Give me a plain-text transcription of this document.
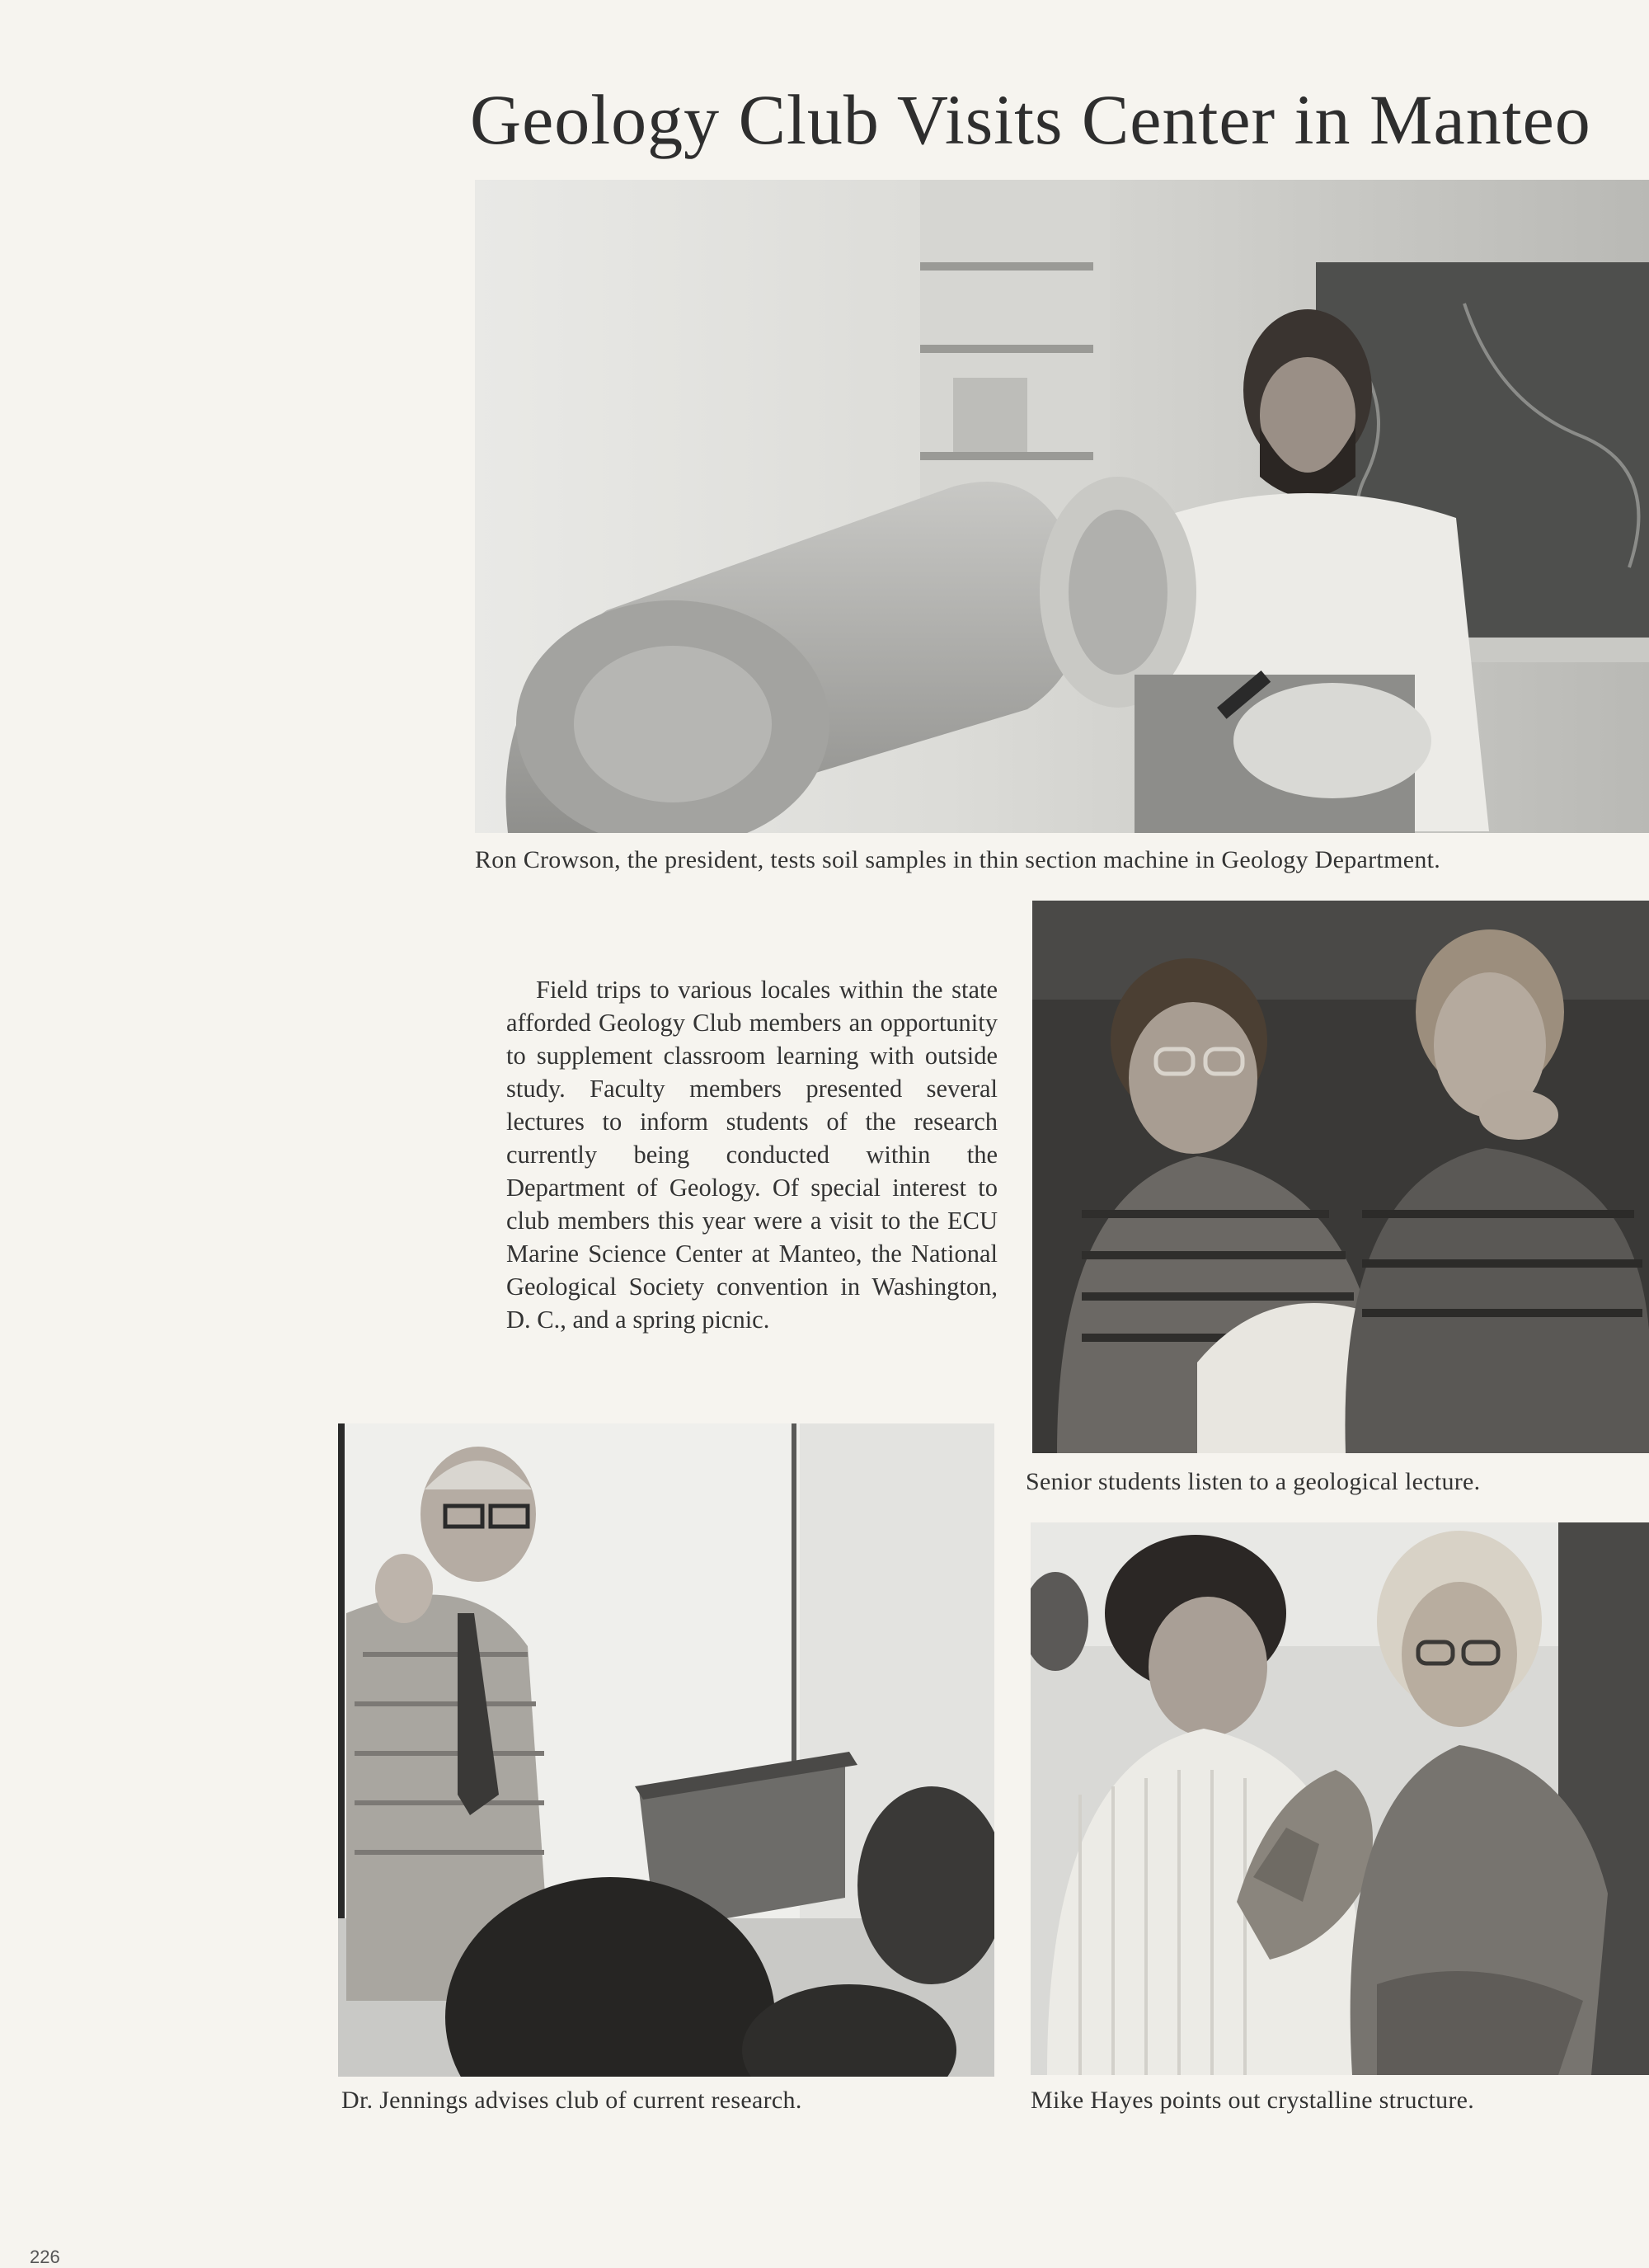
Geology Club Visits Center in Manteo
Ron Crowson, the president, tests soil samples in thin section machine in Geology Department.
Senior students listen to a geological lecture.
Field trips to various locales within the state afforded Geology Club members an opportunity to supplement classroom learning with outside study. Faculty members presented several lectures to inform students of the research currently being conducted within the Department of Geology. Of special interest to club members this year were a visit to the ECU Marine Science Center at Manteo, the National Geological Society convention in Washington, D. C., and a spring picnic.
Dr. Jennings advises club of current research.	Mike Hayes points out crystalline structure.
226
